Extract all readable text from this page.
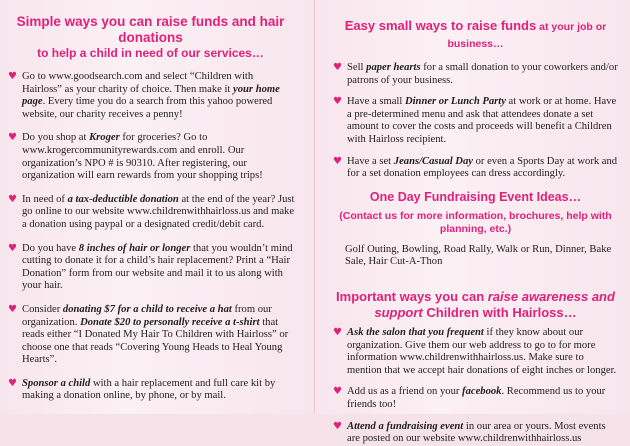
Simple ways you can raise funds and hair donations

to help a child in need of our services…

♥ Go to www.goodsearch.com and select “Children with Hairloss” as your charity of choice. Then make it your home page. Every time you do a search from this yahoo powered website, our charity receives a penny!
♥ Do you shop at Kroger for groceries? Go to www.krogercommunityrewards.com and enroll. Our organization’s NPO # is 90310. After registering, our organization will earn rewards from your shopping trips!
♥ In need of a tax-deductible donation at the end of the year? Just go online to our website www.childrenwithhairloss.us and make a donation using paypal or a designated credit/debit card.
♥ Do you have 8 inches of hair or longer that you wouldn’t mind cutting to donate it for a child’s hair replacement? Print a “Hair Donation” form from our website and mail it to us along with your hair.
♥ Consider donating $7 for a child to receive a hat from our organization. Donate $20 to personally receive a t-shirt that reads either “I Donated My Hair To Children with Hairloss” or choose one that reads “Covering Young Heads to Heal Young Hearts”.
♥ Sponsor a child with a hair replacement and full care kit by making a donation online, by phone, or by mail.

Easy small ways to raise funds at your job or business…

♥ Sell paper hearts for a small donation to your coworkers and/or patrons of your business.
♥ Have a small Dinner or Lunch Party at work or at home. Have a pre-determined menu and ask that attendees donate a set amount to cover the costs and proceeds will benefit a Children with Hairloss recipient.
♥ Have a set Jeans/Casual Day or even a Sports Day at work and for a set donation employees can dress accordingly.

One Day Fundraising Event Ideas…

(Contact us for more information, brochures, help with planning, etc.)

Golf Outing, Bowling, Road Rally, Walk or Run, Dinner, Bake Sale, Hair Cut-A-Thon

Important ways you can raise awareness and support Children with Hairloss…

♥ Ask the salon that you frequent if they know about our organization. Give them our web address to go to for more information www.childrenwithhairloss.us. Make sure to mention that we accept hair donations of eight inches or longer.
♥ Add us as a friend on your facebook. Recommend us to your friends too!
♥ Attend a fundraising event in our area or yours. Most events are posted on our website www.childrenwithhairloss.us
